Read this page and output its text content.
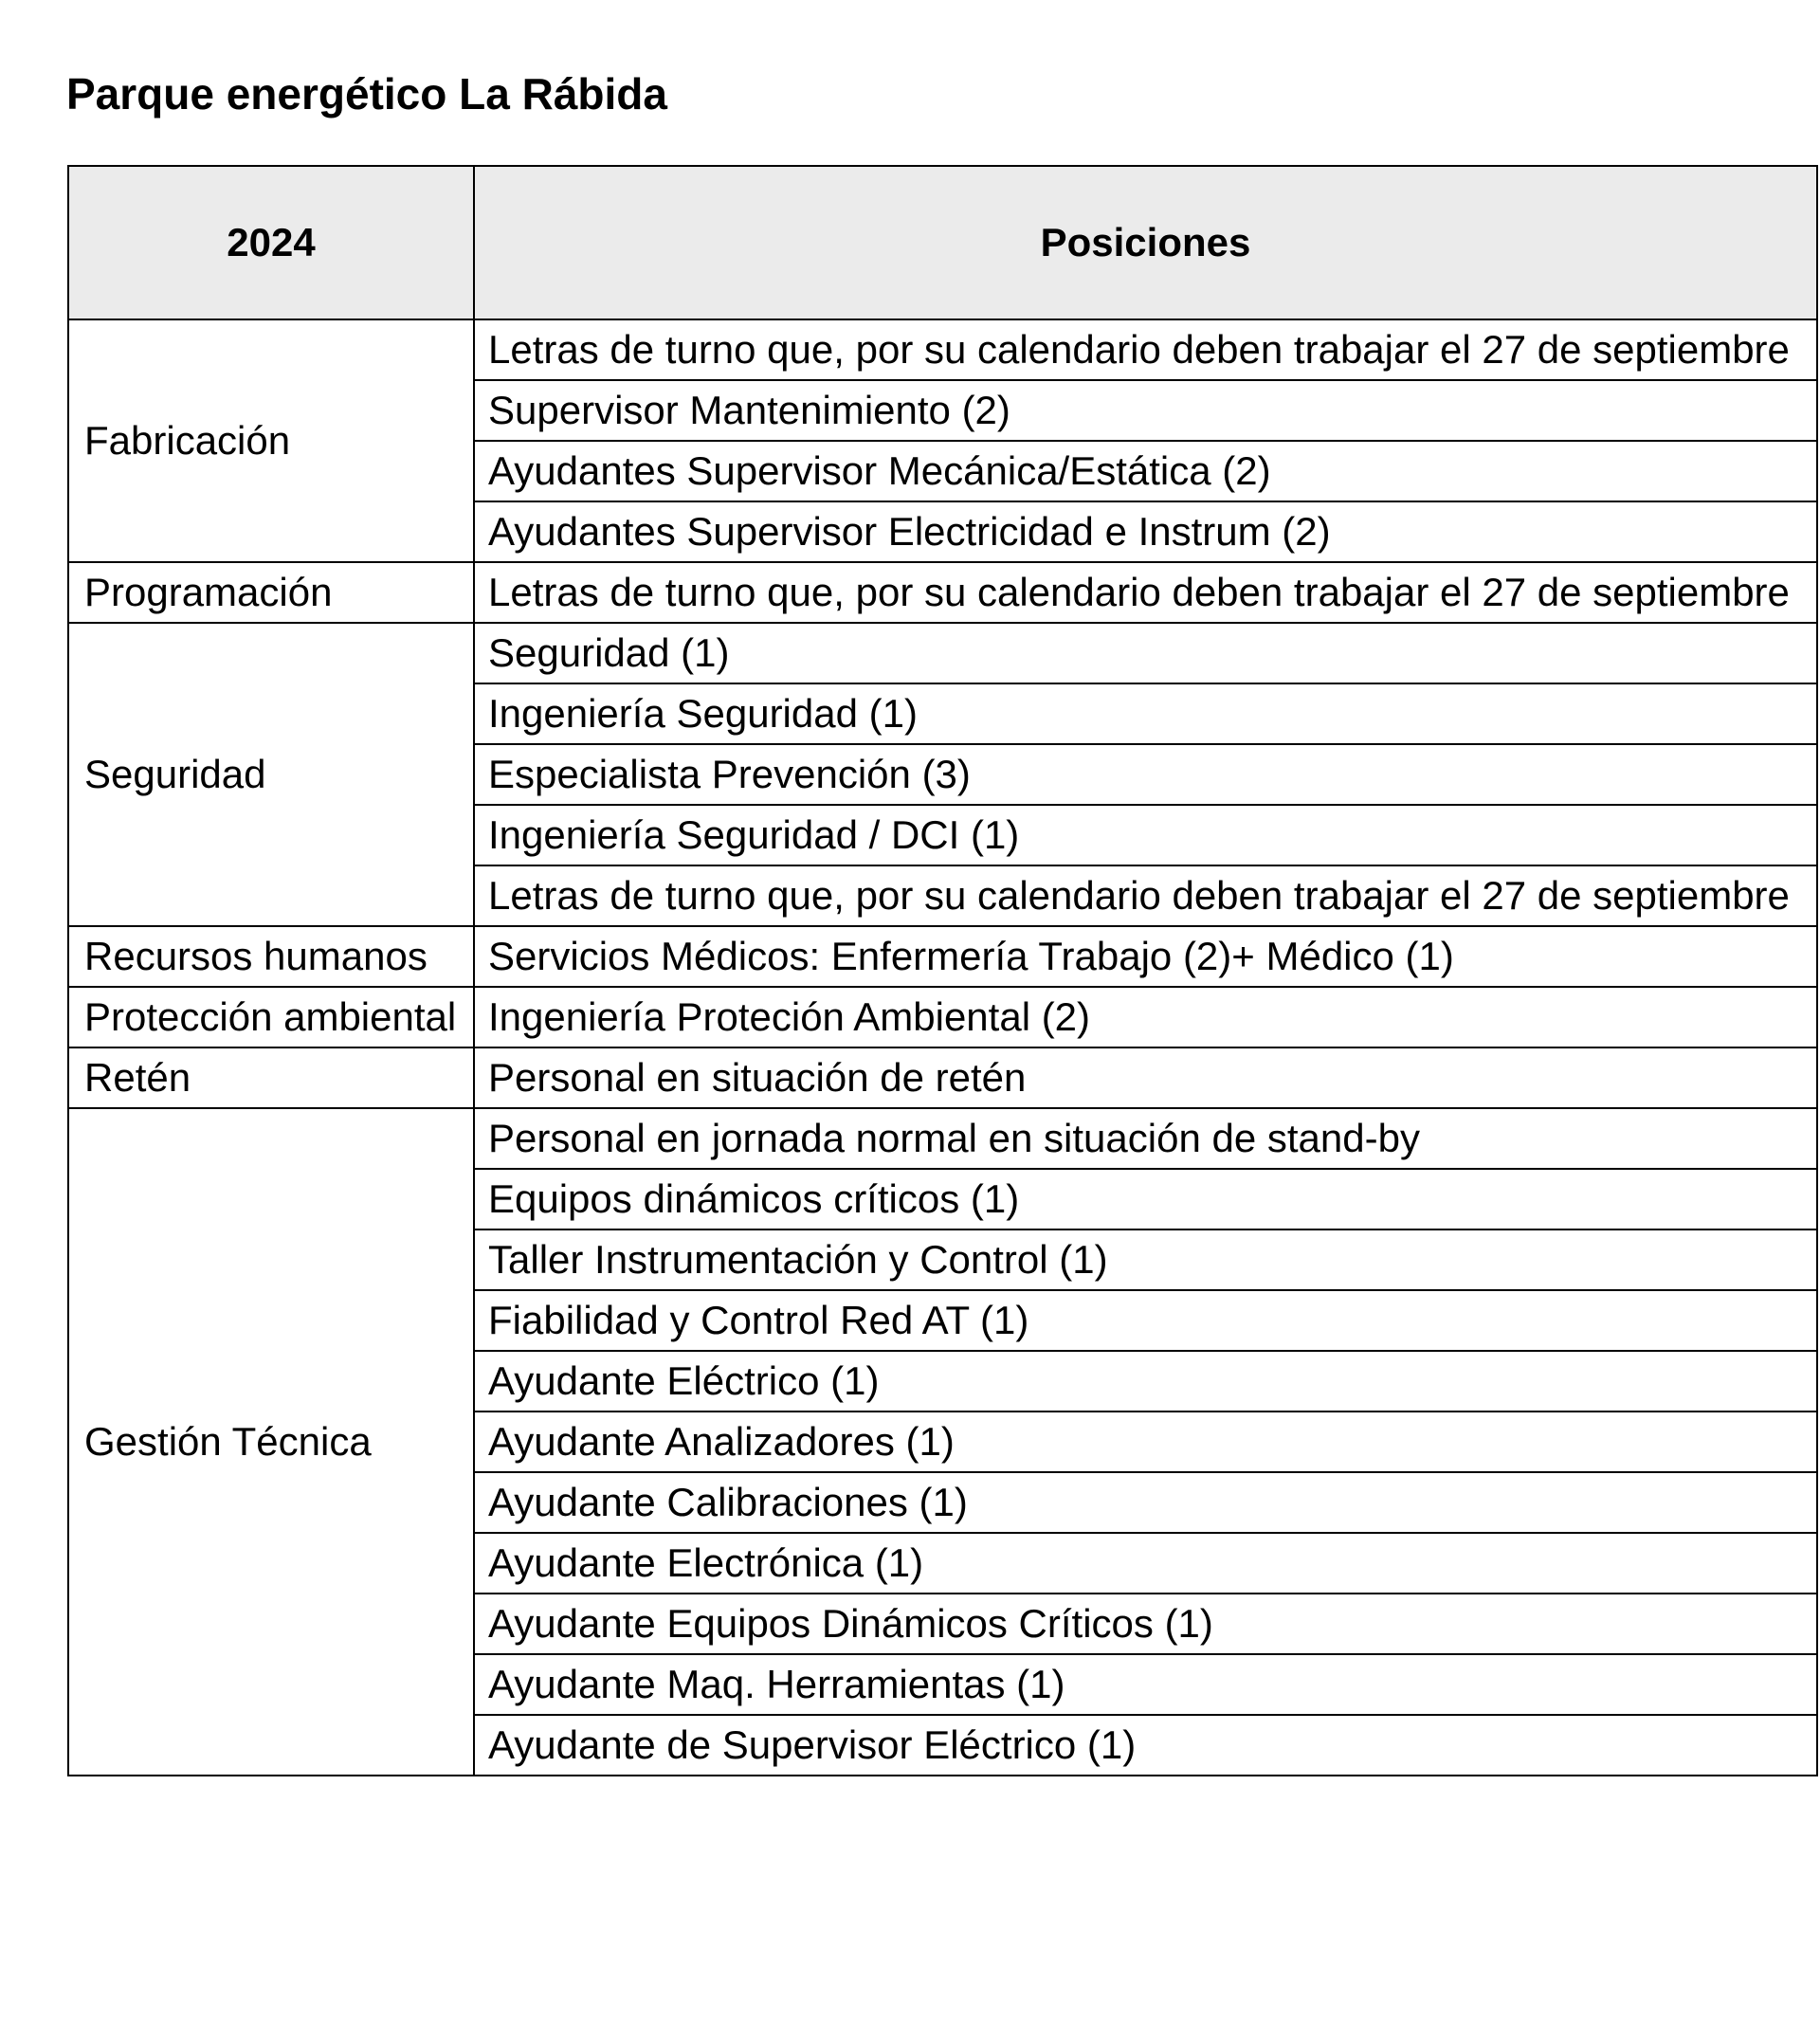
Parque energético La Rábida
2024	Posiciones
Fabricación	Letras de turno que, por su calendario deben trabajar el 27 de septiembre
	Supervisor Mantenimiento (2)
	Ayudantes Supervisor Mecánica/Estática (2)
	Ayudantes Supervisor Electricidad e Instrum (2)
Programación	Letras de turno que, por su calendario deben trabajar el 27 de septiembre
Seguridad	Seguridad (1)
	Ingeniería Seguridad (1)
	Especialista Prevención (3)
	Ingeniería Seguridad / DCI (1)
	Letras de turno que, por su calendario deben trabajar el 27 de septiembre
Recursos humanos	Servicios Médicos: Enfermería Trabajo (2)+ Médico (1)
Protección ambiental	Ingeniería Proteción Ambiental (2)
Retén	Personal en situación de retén
Gestión Técnica	Personal en jornada normal en situación de stand-by
	Equipos dinámicos críticos (1)
	Taller Instrumentación y Control (1)
	Fiabilidad y Control Red AT (1)
	Ayudante Eléctrico (1)
	Ayudante Analizadores (1)
	Ayudante Calibraciones (1)
	Ayudante Electrónica (1)
	Ayudante Equipos Dinámicos Críticos (1)
	Ayudante Maq. Herramientas (1)
	Ayudante de Supervisor Eléctrico (1)
